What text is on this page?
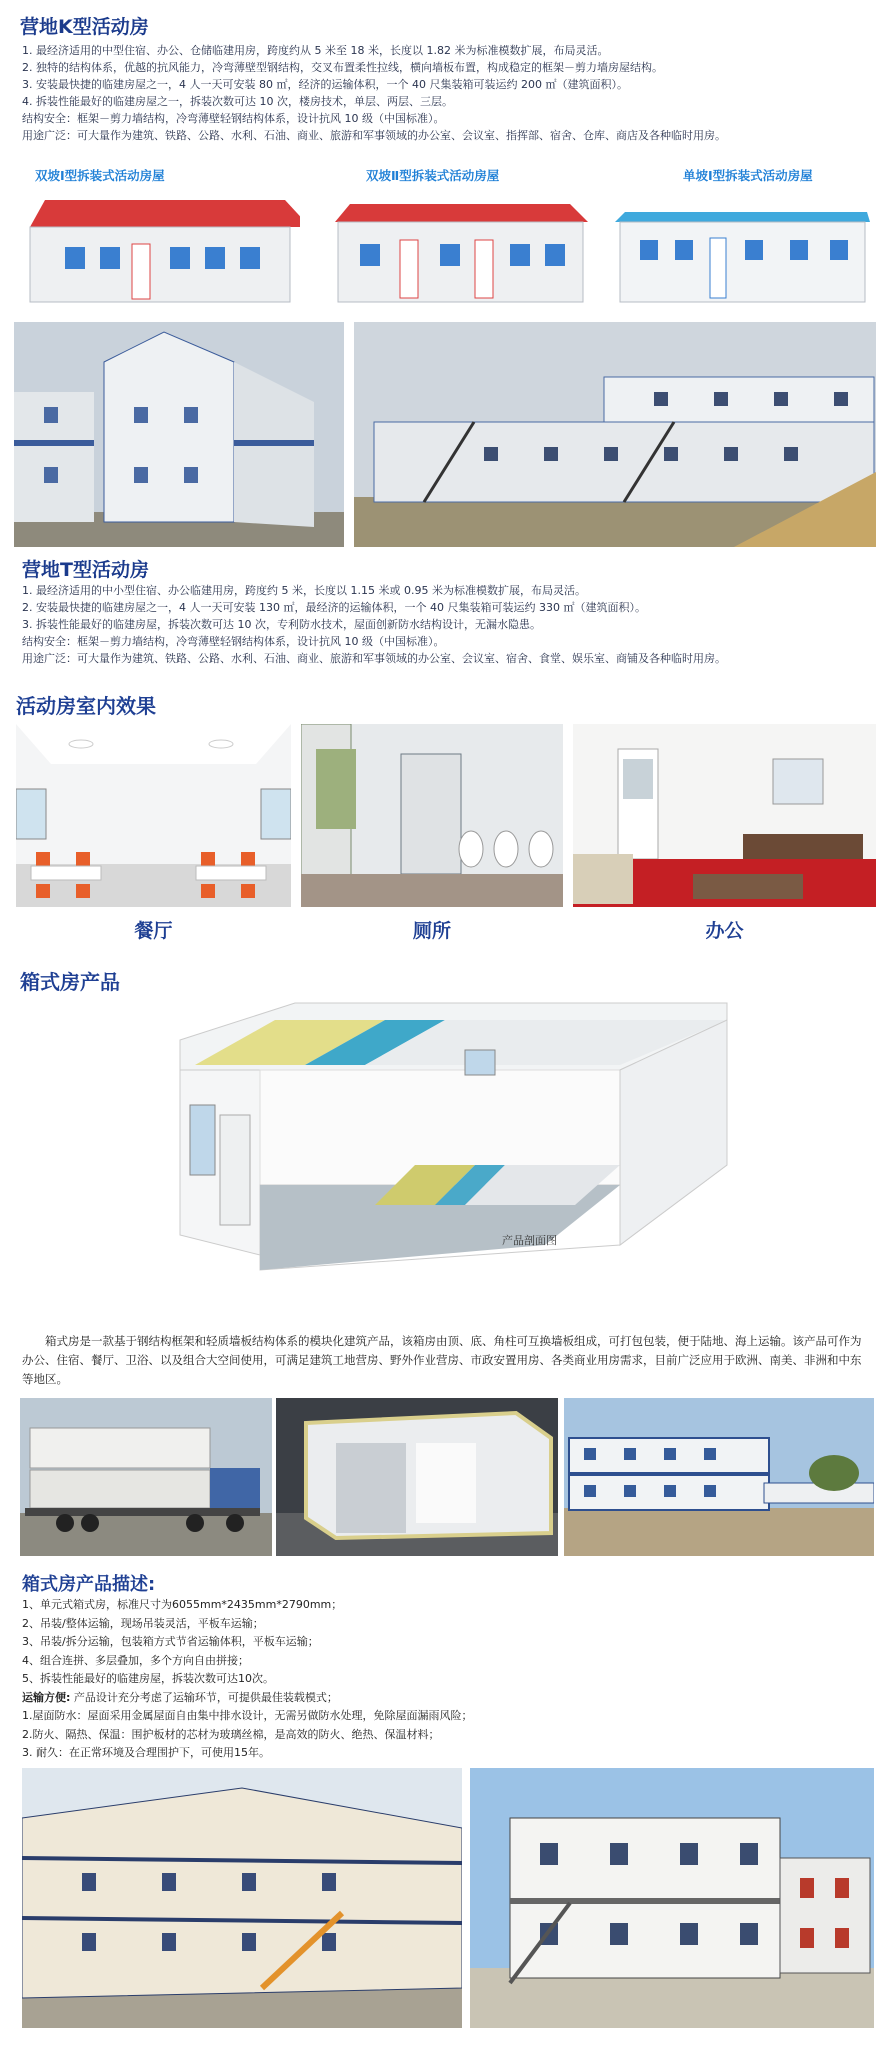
营地K型活动房
1. 最经济适用的中型住宿、办公、仓储临建用房，跨度约从 5 米至 18 米，长度以 1.82 米为标准模数扩展，布局灵活。
2. 独特的结构体系，优越的抗风能力，冷弯薄壁型钢结构，交叉布置柔性拉线，横向墙板布置，构成稳定的框架－剪力墙房屋结构。
3. 安装最快捷的临建房屋之一，4 人一天可安装 80 ㎡，经济的运输体积，一个 40 尺集装箱可装运约 200 ㎡（建筑面积）。
4. 拆装性能最好的临建房屋之一，拆装次数可达 10 次，楼房技术，单层、两层、三层。
结构安全：框架－剪力墙结构，冷弯薄壁轻钢结构体系，设计抗风 10 级（中国标准）。
用途广泛：可大量作为建筑、铁路、公路、水利、石油、商业、旅游和军事领域的办公室、会议室、指挥部、宿舍、仓库、商店及各种临时用房。
双坡Ⅰ型拆装式活动房屋	双坡Ⅱ型拆装式活动房屋	单坡Ⅰ型拆装式活动房屋
营地T型活动房
1. 最经济适用的中小型住宿、办公临建用房，跨度约 5 米，长度以 1.15 米或 0.95 米为标准模数扩展，布局灵活。
2. 安装最快捷的临建房屋之一，4 人一天可安装 130 ㎡，最经济的运输体积，一个 40 尺集装箱可装运约 330 ㎡（建筑面积）。
3. 拆装性能最好的临建房屋，拆装次数可达 10 次，专利防水技术，屋面创新防水结构设计，无漏水隐患。
结构安全：框架－剪力墙结构，冷弯薄壁轻钢结构体系，设计抗风 10 级（中国标准）。
用途广泛：可大量作为建筑、铁路、公路、水利、石油、商业、旅游和军事领域的办公室、会议室、宿舍、食堂、娱乐室、商铺及各种临时用房。
活动房室内效果
餐厅	厕所	办公
箱式房产品
产品剖面图
箱式房是一款基于钢结构框架和轻质墙板结构体系的模块化建筑产品，该箱房由顶、底、角柱可互换墙板组成，可打包包装，便于陆地、海上运输。该产品可作为办公、住宿、餐厅、卫浴、以及组合大空间使用，可满足建筑工地营房、野外作业营房、市政安置用房、各类商业用房需求，目前广泛应用于欧洲、南美、非洲和中东等地区。
箱式房产品描述:
1、单元式箱式房，标准尺寸为6055mm*2435mm*2790mm；
2、吊装/整体运输，现场吊装灵活，平板车运输；
3、吊装/拆分运输，包装箱方式节省运输体积，平板车运输；
4、组合连拼、多层叠加，多个方向自由拼接；
5、拆装性能最好的临建房屋，拆装次数可达10次。
运输方便: 产品设计充分考虑了运输环节，可提供最佳装载模式；
1.屋面防水：屋面采用金属屋面自由集中排水设计，无需另做防水处理，免除屋面漏雨风险；
2.防火、隔热、保温：围护板材的芯材为玻璃丝棉，是高效的防火、绝热、保温材料；
3. 耐久：在正常环境及合理围护下，可使用15年。
